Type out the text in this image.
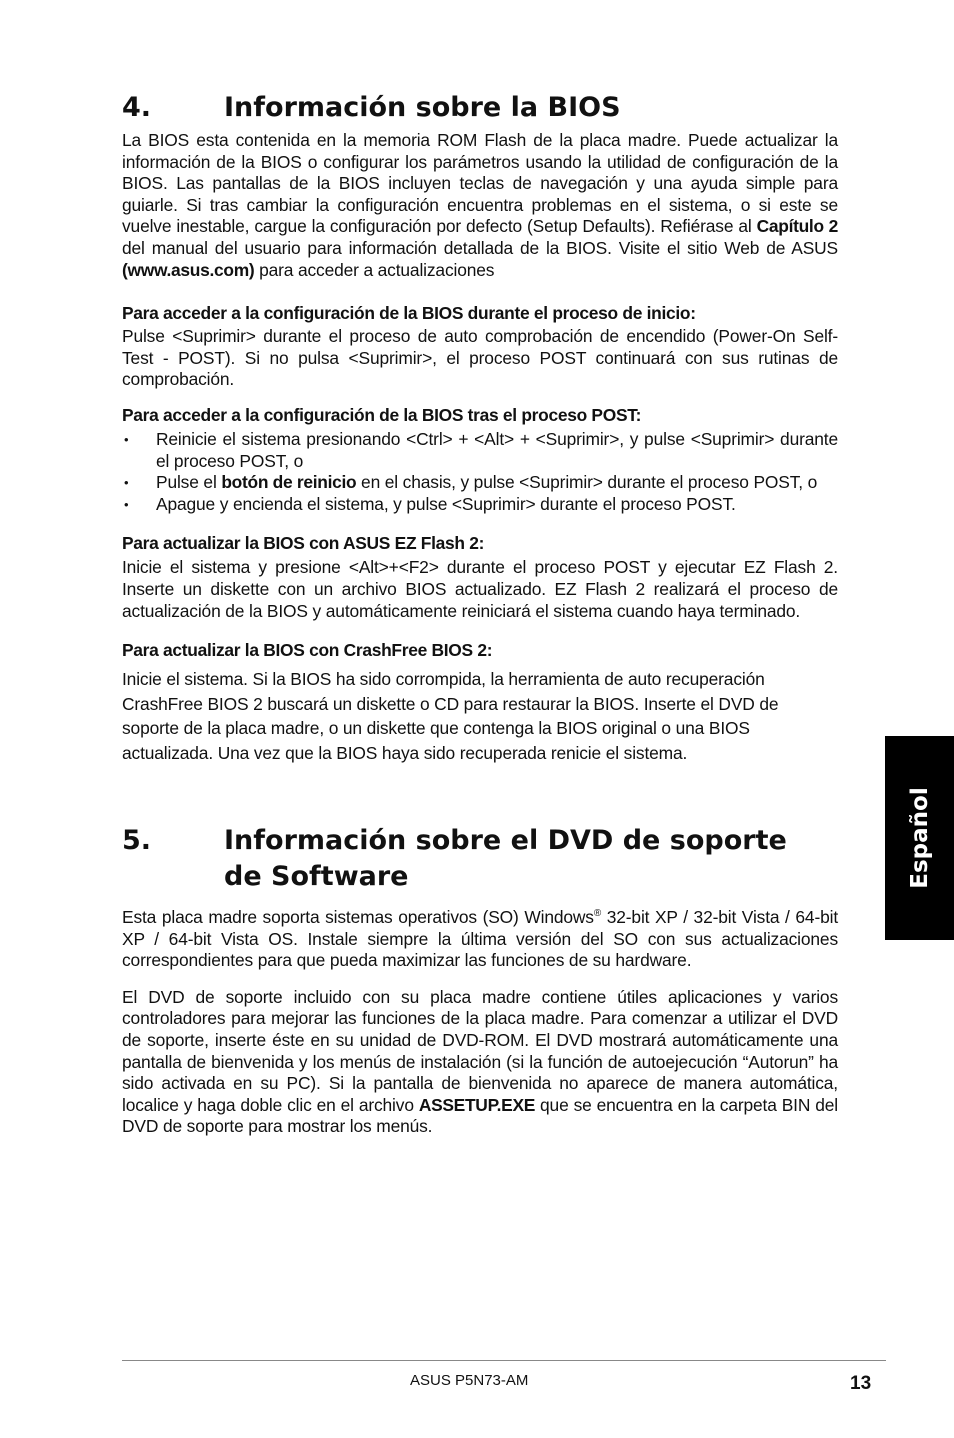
4.	Información sobre la BIOS

La BIOS esta contenida en la memoria ROM Flash de la placa madre. Puede actualizar la información de la BIOS o configurar los parámetros usando la utilidad de configuración de la BIOS. Las pantallas de la BIOS incluyen teclas de navegación y una ayuda simple para guiarle. Si tras cambiar la configuración encuentra problemas en el sistema, o si este se vuelve inestable, cargue la configuración por defecto (Setup Defaults). Refiérase al Capítulo 2 del manual del usuario para información detallada de la BIOS. Visite el sitio Web de ASUS (www.asus.com) para acceder a actualizaciones

Para acceder a la configuración de la BIOS durante el proceso de inicio:

Pulse <Suprimir> durante el proceso de auto comprobación de encendido (Power-On Self-Test - POST). Si no pulsa <Suprimir>, el proceso POST continuará con sus rutinas de comprobación.

Para acceder a la configuración de la BIOS tras el proceso POST:

• Reinicie el sistema presionando <Ctrl> + <Alt> + <Suprimir>, y pulse <Suprimir> durante el proceso POST, o
• Pulse el botón de reinicio en el chasis, y pulse <Suprimir> durante el proceso POST, o
• Apague y encienda el sistema, y pulse <Suprimir> durante el proceso POST.

Para actualizar la BIOS con ASUS EZ Flash 2:

Inicie el sistema y presione <Alt>+<F2> durante el proceso POST y ejecutar EZ Flash 2. Inserte un diskette con un archivo BIOS actualizado. EZ Flash 2 realizará el proceso de actualización de la BIOS y automáticamente reiniciará el sistema cuando haya terminado.

Para actualizar la BIOS con CrashFree BIOS 2:

Inicie el sistema. Si la BIOS ha sido corrompida, la herramienta de auto recuperación CrashFree BIOS 2 buscará un diskette o CD para restaurar la BIOS. Inserte el DVD de soporte de la placa madre, o un diskette que contenga la BIOS original o una BIOS actualizada. Una vez que la BIOS haya sido recuperada renicie el sistema.

5.	Información sobre el DVD de soporte
de Software

Esta placa madre soporta sistemas operativos (SO) Windows® 32-bit XP / 32-bit Vista / 64-bit XP / 64-bit Vista OS. Instale siempre la última versión del SO con sus actualizaciones correspondientes para que pueda maximizar las funciones de su hardware.

El DVD de soporte incluido con su placa madre contiene útiles aplicaciones y varios controladores para mejorar las funciones de la placa madre. Para comenzar a utilizar el DVD de soporte, inserte éste en su unidad de DVD-ROM. El DVD mostrará automáticamente una pantalla de bienvenida y los menús de instalación (si la función de autoejecución “Autorun” ha sido activada en su PC). Si la pantalla de bienvenida no aparece de manera automática, localice y haga doble clic en el archivo ASSETUP.EXE que se encuentra en la carpeta BIN del DVD de soporte para mostrar los menús.

Español
ASUS P5N73-AM	13
